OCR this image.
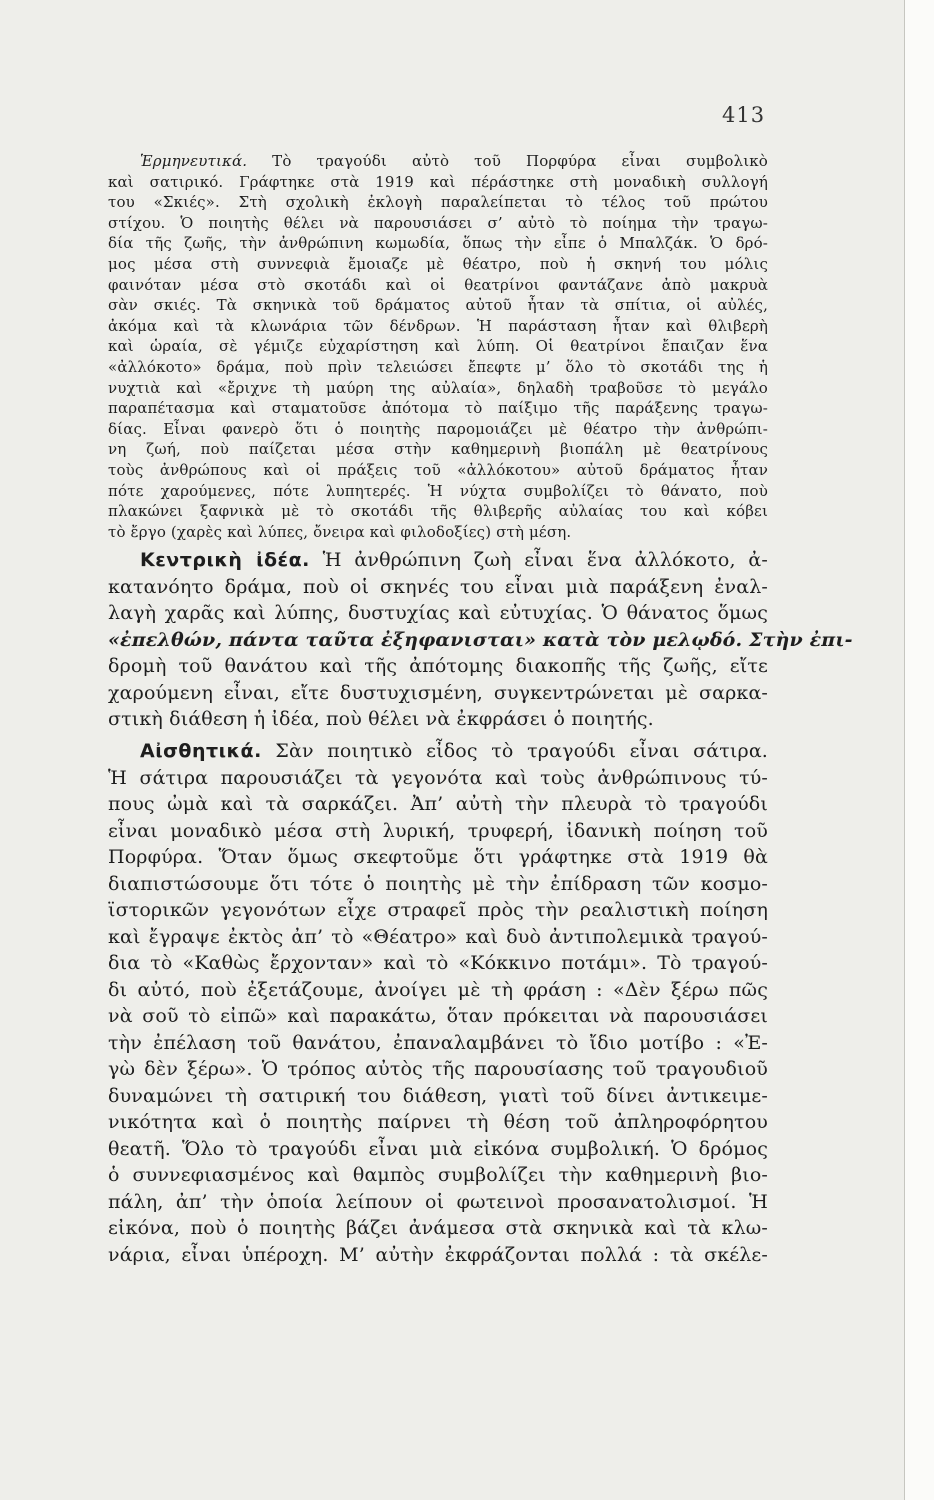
413
Ἑρμηνευτικά. Τὸ τραγούδι αὐτὸ τοῦ Πορφύρα εἶναι συμβολικὸ
καὶ σατιρικό. Γράφτηκε στὰ 1919 καὶ πέράστηκε στὴ μοναδικὴ συλλογή
του «Σκιές». Στὴ σχολικὴ ἐκλογὴ παραλείπεται τὸ τέλος τοῦ πρώτου
στίχου. Ὁ ποιητὴς θέλει νὰ παρουσιάσει σ’ αὐτὸ τὸ ποίημα τὴν τραγω-
δία τῆς ζωῆς, τὴν ἀνθρώπινη κωμωδία, ὅπως τὴν εἶπε ὁ Μπαλζάκ. Ὁ δρό-
μος μέσα στὴ συννεφιὰ ἔμοιαζε μὲ θέατρο, ποὺ ἡ σκηνή του μόλις
φαινόταν μέσα στὸ σκοτάδι καὶ οἱ θεατρίνοι φαντάζανε ἀπὸ μακρυὰ
σὰν σκιές. Τὰ σκηνικὰ τοῦ δράματος αὐτοῦ ἦταν τὰ σπίτια, οἱ αὐλές,
ἀκόμα καὶ τὰ κλωνάρια τῶν δένδρων. Ἡ παράσταση ἦταν καὶ θλιβερὴ
καὶ ὡραία, σὲ γέμιζε εὐχαρίστηση καὶ λύπη. Οἱ θεατρίνοι ἔπαιζαν ἕνα
«ἀλλόκοτο» δράμα, ποὺ πρὶν τελειώσει ἔπεφτε μ’ ὅλο τὸ σκοτάδι της ἡ
νυχτιὰ καὶ «ἔριχνε τὴ μαύρη της αὐλαία», δηλαδὴ τραβοῦσε τὸ μεγάλο
παραπέτασμα καὶ σταματοῦσε ἀπότομα τὸ παίξιμο τῆς παράξενης τραγω-
δίας. Εἶναι φανερὸ ὅτι ὁ ποιητὴς παρομοιάζει μὲ θέατρο τὴν ἀνθρώπι-
νη ζωή, ποὺ παίζεται μέσα στὴν καθημερινὴ βιοπάλη μὲ θεατρίνους
τοὺς ἀνθρώπους καὶ οἱ πράξεις τοῦ «ἀλλόκοτου» αὐτοῦ δράματος ἦταν
πότε χαρούμενες, πότε λυπητερές. Ἡ νύχτα συμβολίζει τὸ θάνατο, ποὺ
πλακώνει ξαφνικὰ μὲ τὸ σκοτάδι τῆς θλιβερῆς αὐλαίας του καὶ κόβει
τὸ ἔργο (χαρὲς καὶ λύπες, ὄνειρα καὶ φιλοδοξίες) στὴ μέση.
Κεντρικὴ ἰδέα. Ἡ ἀνθρώπινη ζωὴ εἶναι ἕνα ἀλλόκοτο, ἀ-
κατανόητο δράμα, ποὺ οἱ σκηνές του εἶναι μιὰ παράξενη ἐναλ-
λαγὴ χαρᾶς καὶ λύπης, δυστυχίας καὶ εὐτυχίας. Ὁ θάνατος ὅμως
«ἐπελθών, πάντα ταῦτα ἐξηφανισται» κατὰ τὸν μελῳδό. Στὴν ἐπι-
δρομὴ τοῦ θανάτου καὶ τῆς ἀπότομης διακοπῆς τῆς ζωῆς, εἴτε
χαρούμενη εἶναι, εἴτε δυστυχισμένη, συγκεντρώνεται μὲ σαρκα-
στικὴ διάθεση ἡ ἰδέα, ποὺ θέλει νὰ ἐκφράσει ὁ ποιητής.
Αἰσθητικά. Σὰν ποιητικὸ εἶδος τὸ τραγούδι εἶναι σάτιρα.
Ἡ σάτιρα παρουσιάζει τὰ γεγονότα καὶ τοὺς ἀνθρώπινους τύ-
πους ὠμὰ καὶ τὰ σαρκάζει. Ἀπ’ αὐτὴ τὴν πλευρὰ τὸ τραγούδι
εἶναι μοναδικὸ μέσα στὴ λυρική, τρυφερή, ἰδανικὴ ποίηση τοῦ
Πορφύρα. Ὅταν ὅμως σκεφτοῦμε ὅτι γράφτηκε στὰ 1919 θὰ
διαπιστώσουμε ὅτι τότε ὁ ποιητὴς μὲ τὴν ἐπίδραση τῶν κοσμο-
ϊστορικῶν γεγονότων εἶχε στραφεῖ πρὸς τὴν ρεαλιστικὴ ποίηση
καὶ ἔγραψε ἐκτὸς ἀπ’ τὸ «Θέατρο» καὶ δυὸ ἀντιπολεμικὰ τραγού-
δια τὸ «Καθὼς ἔρχονταν» καὶ τὸ «Κόκκινο ποτάμι». Τὸ τραγού-
δι αὐτό, ποὺ ἐξετάζουμε, ἀνοίγει μὲ τὴ φράση : «Δὲν ξέρω πῶς
νὰ σοῦ τὸ εἰπῶ» καὶ παρακάτω, ὅταν πρόκειται νὰ παρουσιάσει
τὴν ἐπέλαση τοῦ θανάτου, ἐπαναλαμβάνει τὸ ἴδιο μοτίβο : «Ἐ-
γὼ δὲν ξέρω». Ὁ τρόπος αὐτὸς τῆς παρουσίασης τοῦ τραγουδιοῦ
δυναμώνει τὴ σατιρική του διάθεση, γιατὶ τοῦ δίνει ἀντικειμε-
νικότητα καὶ ὁ ποιητὴς παίρνει τὴ θέση τοῦ ἀπληροφόρητου
θεατῆ. Ὅλο τὸ τραγούδι εἶναι μιὰ εἰκόνα συμβολική. Ὁ δρόμος
ὁ συννεφιασμένος καὶ θαμπὸς συμβολίζει τὴν καθημερινὴ βιο-
πάλη, ἀπ’ τὴν ὁποία λείπουν οἱ φωτεινοὶ προσανατολισμοί. Ἡ
εἰκόνα, ποὺ ὁ ποιητὴς βάζει ἀνάμεσα στὰ σκηνικὰ καὶ τὰ κλω-
νάρια, εἶναι ὑπέροχη. Μ’ αὐτὴν ἐκφράζονται πολλά : τὰ σκέλε-
